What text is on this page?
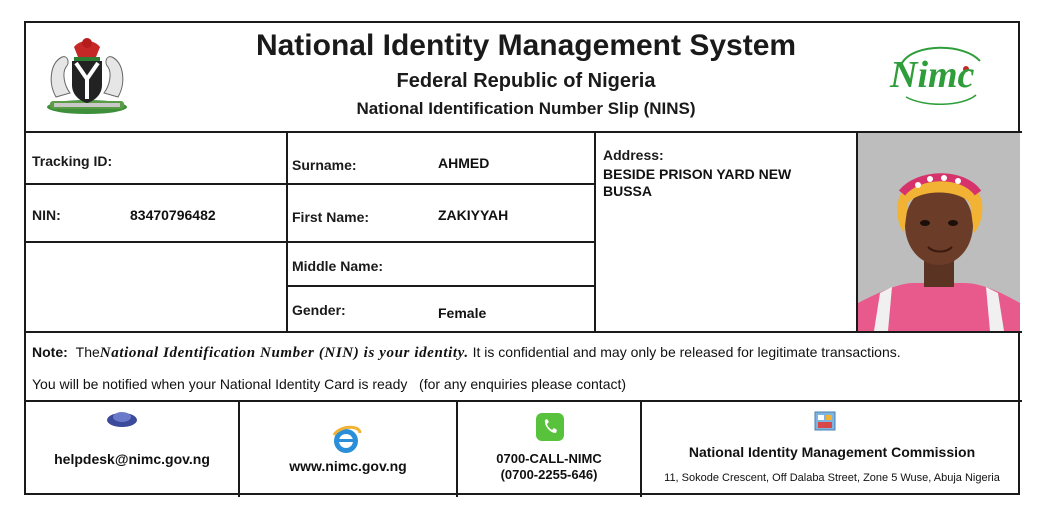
National Identity Management System
Federal Republic of Nigeria
National Identification Number Slip (NINS)
Nimc
Tracking ID:
NIN:	83470796482
Surname:	AHMED
First Name:	ZAKIYYAH
Middle Name:
Gender:	Female
Address:
BESIDE PRISON YARD NEW BUSSA
Note: TheNational Identification Number (NIN) is your identity. It is confidential and may only be released for legitimate transactions.
You will be notified when your National Identity Card is ready   (for any enquiries please contact)
helpdesk@nimc.gov.ng	www.nimc.gov.ng	0700-CALL-NIMC
(0700-2255-646)
National Identity Management Commission
11, Sokode Crescent, Off Dalaba Street, Zone 5 Wuse, Abuja Nigeria
